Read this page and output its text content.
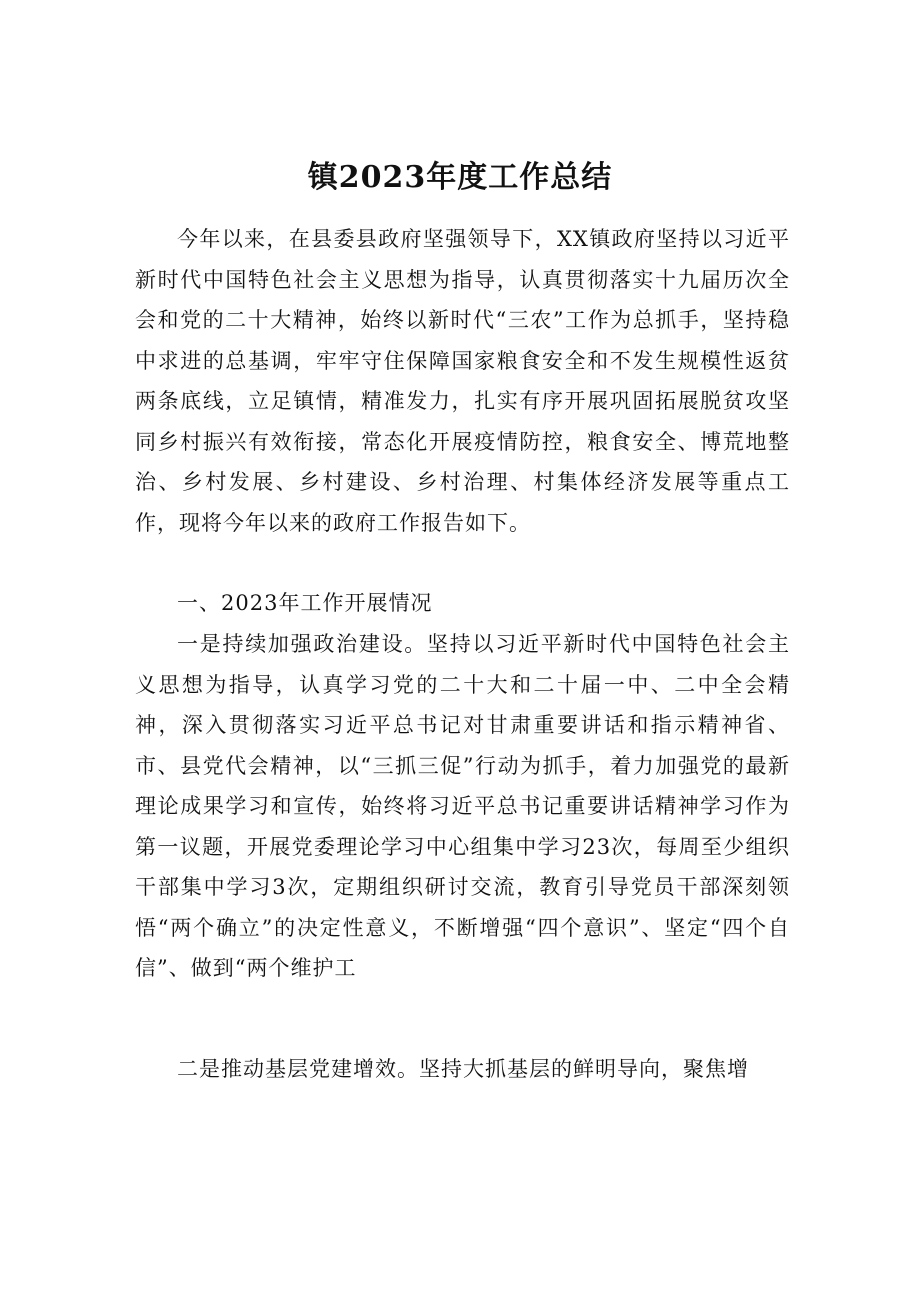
镇2023年度工作总结

今年以来，在县委县政府坚强领导下，XX镇政府坚持以习近平新时代中国特色社会主义思想为指导，认真贯彻落实十九届历次全会和党的二十大精神，始终以新时代“三农”工作为总抓手，坚持稳中求进的总基调，牢牢守住保障国家粮食安全和不发生规模性返贫两条底线，立足镇情，精准发力，扎实有序开展巩固拓展脱贫攻坚同乡村振兴有效衔接，常态化开展疫情防控，粮食安全、博荒地整治、乡村发展、乡村建设、乡村治理、村集体经济发展等重点工作，现将今年以来的政府工作报告如下。

一、2023年工作开展情况

一是持续加强政治建设。坚持以习近平新时代中国特色社会主义思想为指导，认真学习党的二十大和二十届一中、二中全会精神，深入贯彻落实习近平总书记对甘肃重要讲话和指示精神省、市、县党代会精神，以“三抓三促”行动为抓手，着力加强党的最新理论成果学习和宣传，始终将习近平总书记重要讲话精神学习作为第一议题，开展党委理论学习中心组集中学习23次，每周至少组织干部集中学习3次，定期组织研讨交流，教育引导党员干部深刻领悟“两个确立”的决定性意义，不断增强“四个意识”、坚定“四个自信”、做到“两个维护工

二是推动基层党建增效。坚持大抓基层的鲜明导向，聚焦增
